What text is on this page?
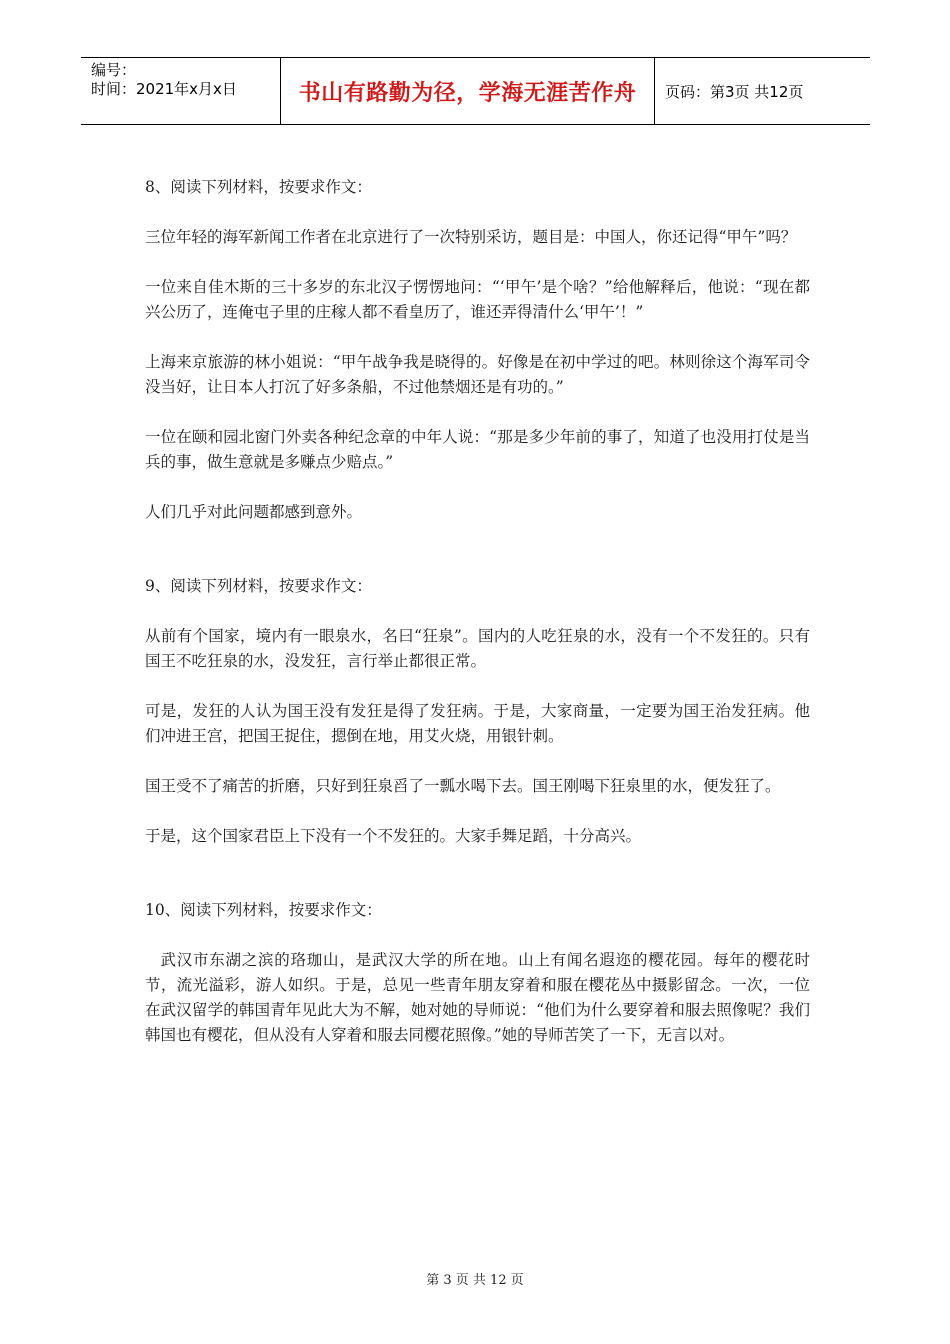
编号：
时间：2021年x月x日	书山有路勤为径，学海无涯苦作舟	页码：第3页 共12页

8、阅读下列材料，按要求作文：

三位年轻的海军新闻工作者在北京进行了一次特别采访，题目是：中国人，你还记得“甲午”吗？

一位来自佳木斯的三十多岁的东北汉子愣愣地问：“‘甲午’是个啥？”给他解释后，他说：“现在都兴公历了，连俺屯子里的庄稼人都不看皇历了，谁还弄得清什么‘甲午’！”

上海来京旅游的林小姐说：“甲午战争我是晓得的。好像是在初中学过的吧。林则徐这个海军司令没当好，让日本人打沉了好多条船，不过他禁烟还是有功的。”

一位在颐和园北窗门外卖各种纪念章的中年人说：“那是多少年前的事了，知道了也没用打仗是当兵的事，做生意就是多赚点少赔点。”

人们几乎对此问题都感到意外。

9、阅读下列材料，按要求作文：

从前有个国家，境内有一眼泉水，名曰“狂泉”。国内的人吃狂泉的水，没有一个不发狂的。只有国王不吃狂泉的水，没发狂，言行举止都很正常。

可是，发狂的人认为国王没有发狂是得了发狂病。于是，大家商量，一定要为国王治发狂病。他们冲进王宫，把国王捉住，摁倒在地，用艾火烧，用银针刺。

国王受不了痛苦的折磨，只好到狂泉舀了一瓢水喝下去。国王刚喝下狂泉里的水，便发狂了。

于是，这个国家君臣上下没有一个不发狂的。大家手舞足蹈，十分高兴。

10、阅读下列材料，按要求作文：

武汉市东湖之滨的珞珈山，是武汉大学的所在地。山上有闻名遐迩的樱花园。每年的樱花时节，流光溢彩，游人如织。于是，总见一些青年朋友穿着和服在樱花丛中摄影留念。一次，一位在武汉留学的韩国青年见此大为不解，她对她的导师说：“他们为什么要穿着和服去照像呢？我们韩国也有樱花，但从没有人穿着和服去同樱花照像。”她的导师苦笑了一下，无言以对。

第 3 页 共 12 页
